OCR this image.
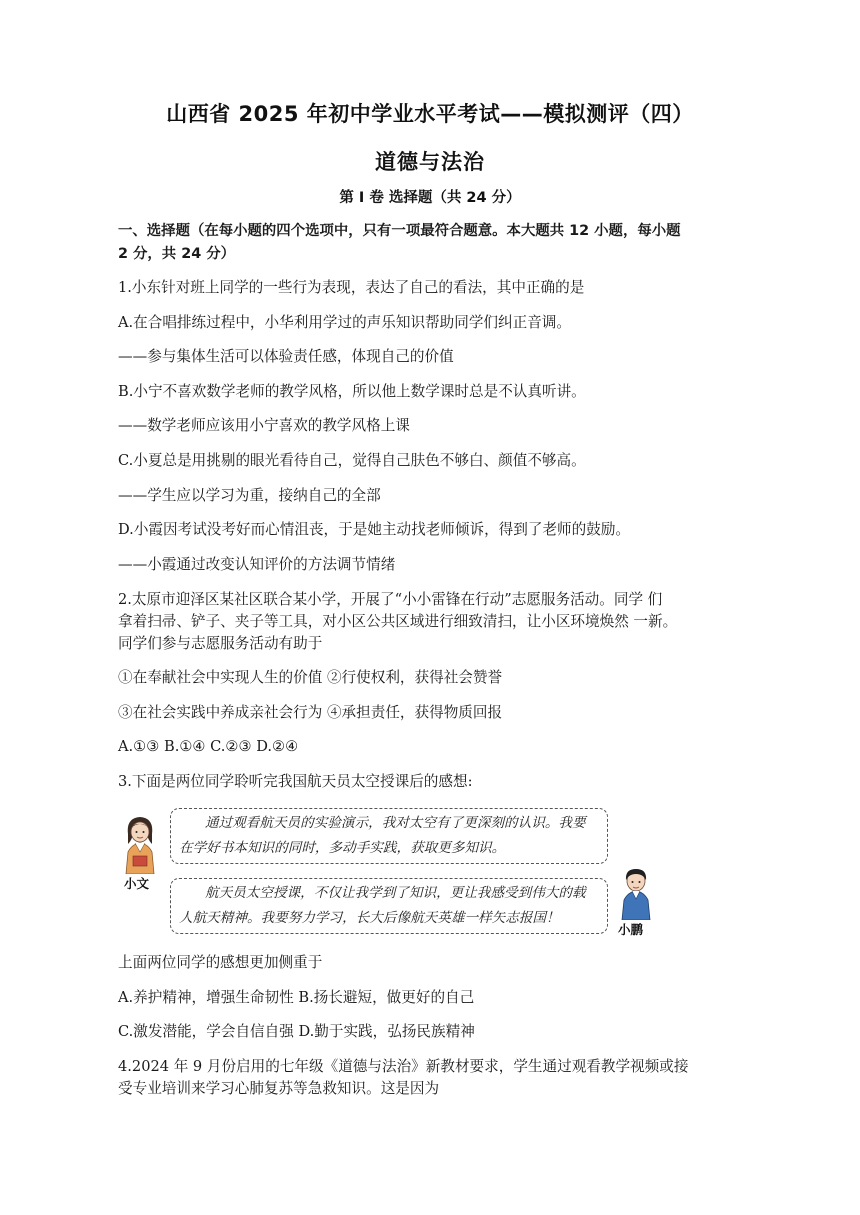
山西省 2025 年初中学业水平考试——模拟测评（四）
道德与法治
第 I 卷 选择题（共 24 分）
一、选择题（在每小题的四个选项中，只有一项最符合题意。本大题共 12 小题，每小题
2 分，共 24 分）
1.小东针对班上同学的一些行为表现，表达了自己的看法，其中正确的是
A.在合唱排练过程中，小华利用学过的声乐知识帮助同学们纠正音调。
——参与集体生活可以体验责任感，体现自己的价值
B.小宁不喜欢数学老师的教学风格，所以他上数学课时总是不认真听讲。
——数学老师应该用小宁喜欢的教学风格上课
C.小夏总是用挑剔的眼光看待自己，觉得自己肤色不够白、颜值不够高。
——学生应以学习为重，接纳自己的全部
D.小霞因考试没考好而心情沮丧，于是她主动找老师倾诉，得到了老师的鼓励。
——小霞通过改变认知评价的方法调节情绪
2.太原市迎泽区某社区联合某小学，开展了“小小雷锋在行动”志愿服务活动。同学 们
拿着扫帚、铲子、夹子等工具，对小区公共区域进行细致清扫，让小区环境焕然 一新。
同学们参与志愿服务活动有助于
①在奉献社会中实现人生的价值 ②行使权利，获得社会赞誉
③在社会实践中养成亲社会行为 ④承担责任，获得物质回报
A.①③ B.①④ C.②③ D.②④
3.下面是两位同学聆听完我国航天员太空授课后的感想:
小文
通过观看航天员的实验演示，我对太空有了更深刻的认识。我要
在学好书本知识的同时，多动手实践，获取更多知识。
航天员太空授课，不仅让我学到了知识，更让我感受到伟大的载
人航天精神。我要努力学习，长大后像航天英雄一样矢志报国！
小鹏
上面两位同学的感想更加侧重于
A.养护精神，增强生命韧性 B.扬长避短，做更好的自己
C.激发潜能，学会自信自强 D.勤于实践，弘扬民族精神
4.2024 年 9 月份启用的七年级《道德与法治》新教材要求，学生通过观看教学视频或接
受专业培训来学习心肺复苏等急救知识。这是因为
